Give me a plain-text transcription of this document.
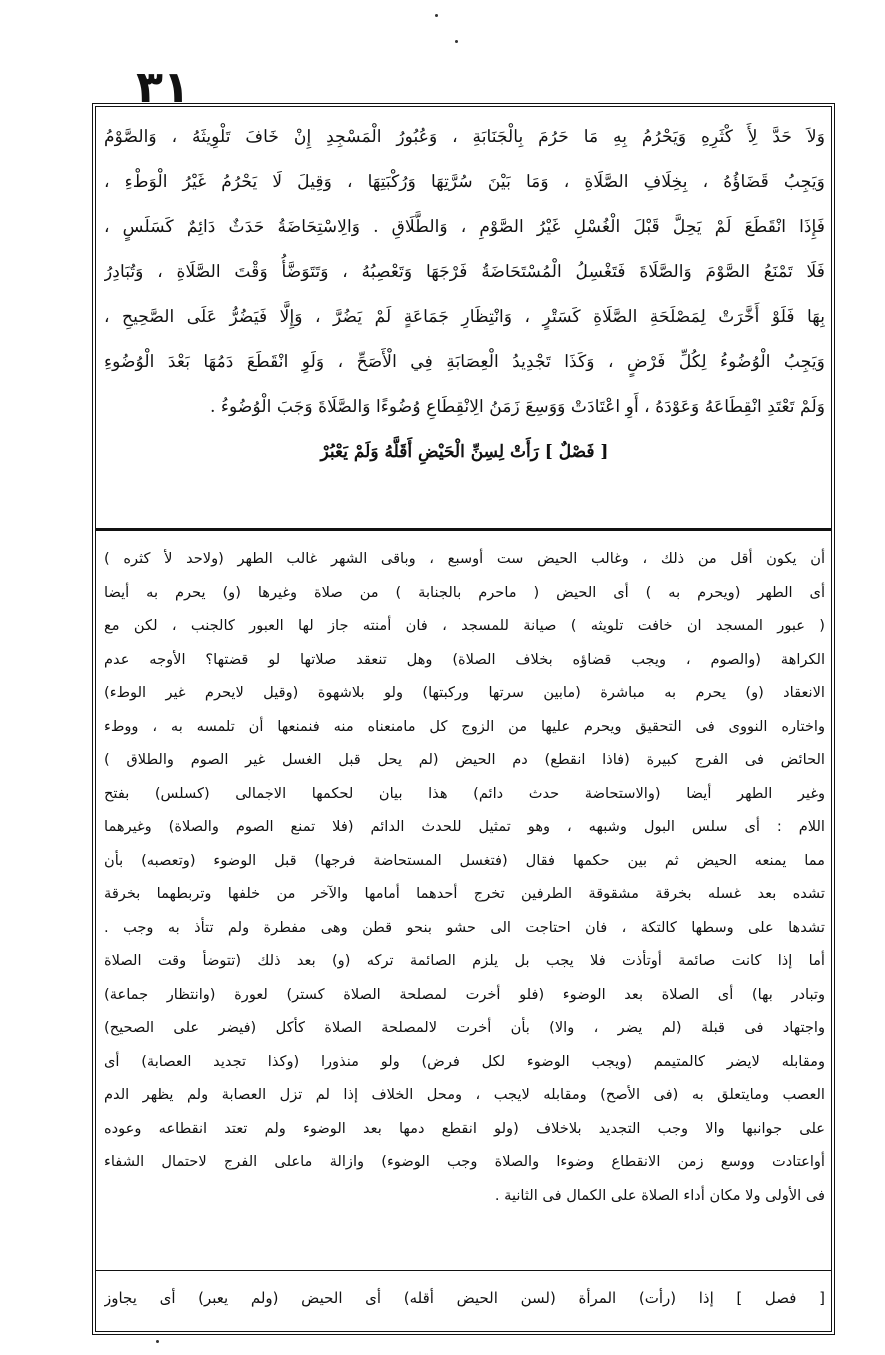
٣١
وَلاَ حَدَّ لِأَ كْثَرِهِ وَيَحْرُمُ بِهِ مَا حَرُمَ بِالْجَنَابَةِ ، وَعُبُورُ الْمَسْجِدِ إِنْ خَافَ تَلْوِيثَهُ ، وَالصَّوْمُ
وَيَجِبُ قَضَاؤُهُ ، بِخِلَافِ الصَّلَاةِ ، وَمَا بَيْنَ سُرَّتِهَا وَرُكْبَتِهَا ، وَقِيلَ لَا يَحْرُمُ غَيْرُ الْوَطْءِ ،
فَإِذَا انْقَطَعَ لَمْ يَحِلَّ قَبْلَ الْغُسْلِ غَيْرُ الصَّوْمِ ، وَالطَّلَاقِ . وَالِاسْتِحَاضَةُ حَدَثٌ دَائِمٌ كَسَلَسٍ ،
فَلَا تَمْنَعُ الصَّوْمَ وَالصَّلَاةَ فَتَغْسِلُ الْمُسْتَحَاضَةُ فَرْجَهَا وَتَعْصِبُهُ ، وَتَتَوَضَّأُ وَقْتَ الصَّلَاةِ ، وَتُبَادِرُ
بِهَا فَلَوْ أَخَّرَتْ لِمَصْلَحَةِ الصَّلَاةِ كَسَتْرٍ ، وَانْتِظَارِ جَمَاعَةٍ لَمْ يَضُرَّ ، وَإِلَّا فَيَضُرُّ عَلَى الصَّحِيحِ ،
وَيَجِبُ الْوُضُوءُ لِكُلِّ فَرْضٍ ، وَكَذَا تَجْدِيدُ الْعِصَابَةِ فِي الْأَصَحِّ ، وَلَوِ انْقَطَعَ دَمُهَا بَعْدَ الْوُضُوءِ
وَلَمْ تَعْتَدِ انْقِطَاعَهُ وَعَوْدَهُ ، أَوِ اعْتَادَتْ وَوَسِعَ زَمَنُ الِانْقِطَاعِ وُضُوءًا وَالصَّلَاةَ وَجَبَ الْوُضُوءُ .
[ فَصْلٌ ] رَأَتْ لِسِنِّ الْحَيْضِ أَقَلَّهُ وَلَمْ يَعْبُرْ
أن يكون أقل من ذلك ، وغالب الحيض ست أوسبع ، وباقى الشهر غالب الطهر (ولاحد لأ كثره )
أى الطهر (ويحرم به ) أى الحيض ( ماحرم بالجنابة ) من صلاة وغيرها (و) يحرم به أيضا
( عبور المسجد ان خافت تلويثه ) صيانة للمسجد ، فان أمنته جاز لها العبور كالجنب ، لكن مع
الكراهة (والصوم ، ويجب قضاؤه بخلاف الصلاة) وهل تنعقد صلاتها لو قضتها؟ الأوجه عدم
الانعقاد (و) يحرم به مباشرة (مابين سرتها وركبتها) ولو بلاشهوة (وقيل لايحرم غير الوطء)
واختاره النووى فى التحقيق ويحرم عليها من الزوج كل مامنعناه منه فنمنعها أن تلمسه به ، ووطء
الحائض فى الفرج كبيرة (فاذا انقطع) دم الحيض (لم يحل قبل الغسل غير الصوم والطلاق )
وغير الطهر أيضا (والاستحاضة حدث دائم) هذا بيان لحكمها الاجمالى (كسلس) بفتح
اللام : أى سلس البول وشبهه ، وهو تمثيل للحدث الدائم (فلا تمنع الصوم والصلاة) وغيرهما
مما يمنعه الحيض ثم بين حكمها فقال (فتغسل المستحاضة فرجها) قبل الوضوء (وتعصبه) بأن
تشده بعد غسله بخرقة مشقوقة الطرفين تخرج أحدهما أمامها والآخر من خلفها وتربطهما بخرقة
تشدها على وسطها كالتكة ، فان احتاجت الى حشو بنحو قطن وهى مفطرة ولم تتأذ به وجب .
أما إذا كانت صائمة أوتأذت فلا يجب بل يلزم الصائمة تركه (و) بعد ذلك (تتوضأ وقت الصلاة
وتبادر بها) أى الصلاة بعد الوضوء (فلو أخرت لمصلحة الصلاة كستر) لعورة (وانتظار جماعة)
واجتهاد فى قبلة (لم يضر ، والا) بأن أخرت لالمصلحة الصلاة كأكل (فيضر على الصحيح)
ومقابله لايضر كالمتيمم (ويجب الوضوء لكل فرض) ولو منذورا (وكذا تجديد العصابة) أى
العصب ومايتعلق به (فى الأصح) ومقابله لايجب ، ومحل الخلاف إذا لم تزل العصابة ولم يظهر الدم
على جوانبها والا وجب التجديد بلاخلاف (ولو انقطع دمها بعد الوضوء ولم تعتد انقطاعه وعوده
أواعتادت ووسع زمن الانقطاع وضوءا والصلاة وجب الوضوء) وازالة ماعلى الفرج لاحتمال الشفاء
فى الأولى ولا مكان أداء الصلاة على الكمال فى الثانية .
[ فصل ] إذا (رأت) المرأة (لسن الحيض أقله) أى الحيض (ولم يعبر) أى يجاوز
